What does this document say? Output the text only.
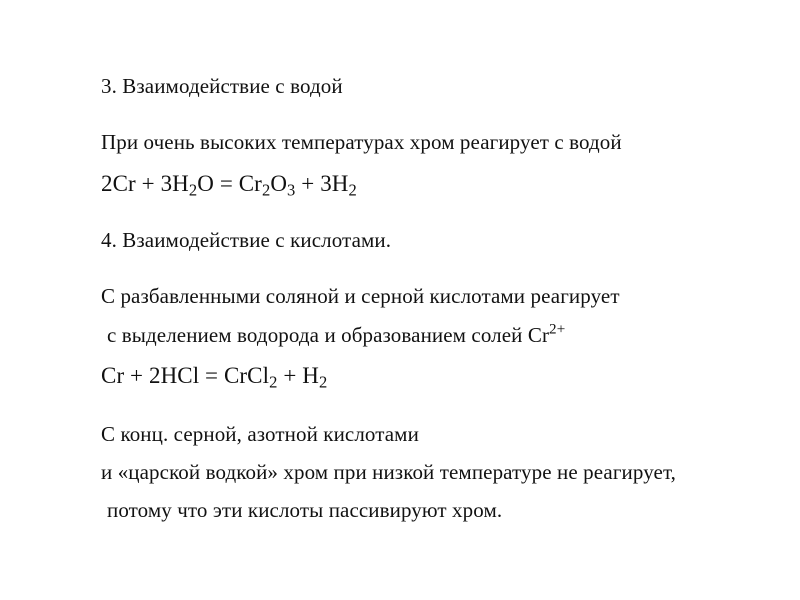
3. Взаимодействие с водой
При очень высоких температурах хром реагирует с водой
$2Cr + 3H_2O = Cr_2O_3 + 3H_2$
4. Взаимодействие с кислотами.
С разбавленными соляной и серной кислотами реагирует
с выделением водорода и образованием солей $Cr^{2+}$
Cr + 2HCl = CrCl$_2$ + $H_2$
С конц. серной, азотной кислотами
и «царской водкой» хром при низкой температуре не реагирует,
потому что эти кислоты пассивируют хром.
